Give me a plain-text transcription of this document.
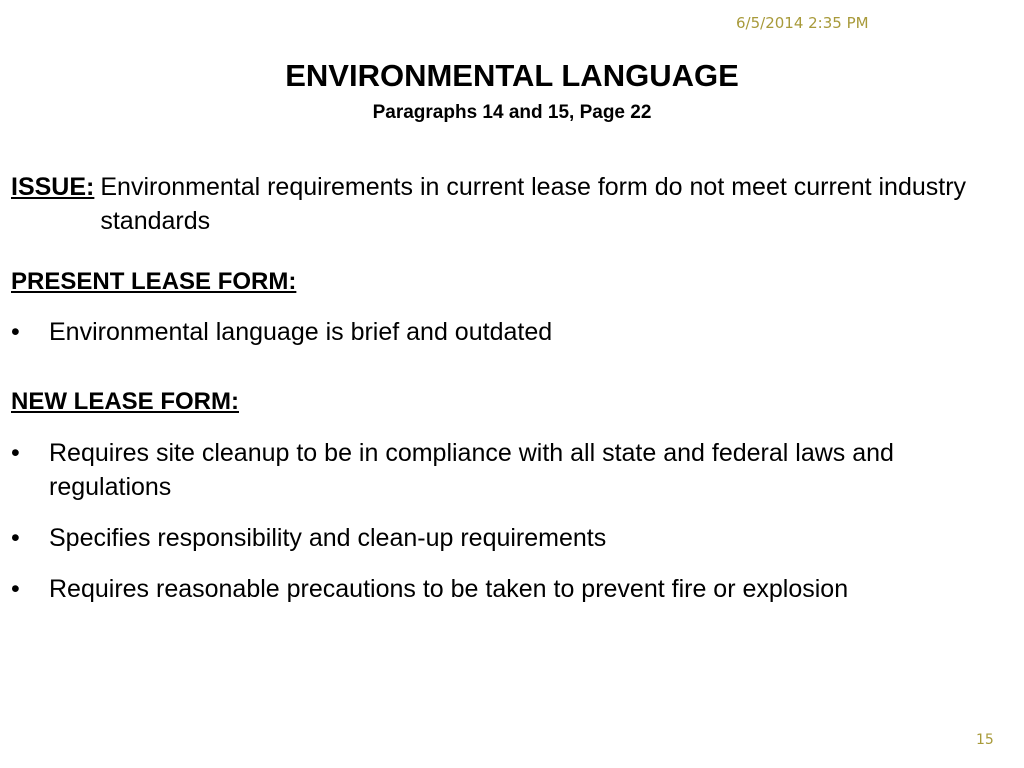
6/5/2014 2:35 PM
ENVIRONMENTAL LANGUAGE
Paragraphs 14 and 15, Page 22
ISSUE: Environmental requirements in current lease form do not meet current industry standards
PRESENT LEASE FORM:
•	Environmental language is brief and outdated
NEW LEASE FORM:
•	Requires site cleanup to be in compliance with all state and federal laws and regulations
•	Specifies responsibility and clean-up requirements
•	Requires reasonable precautions to be taken to prevent fire or explosion
15
